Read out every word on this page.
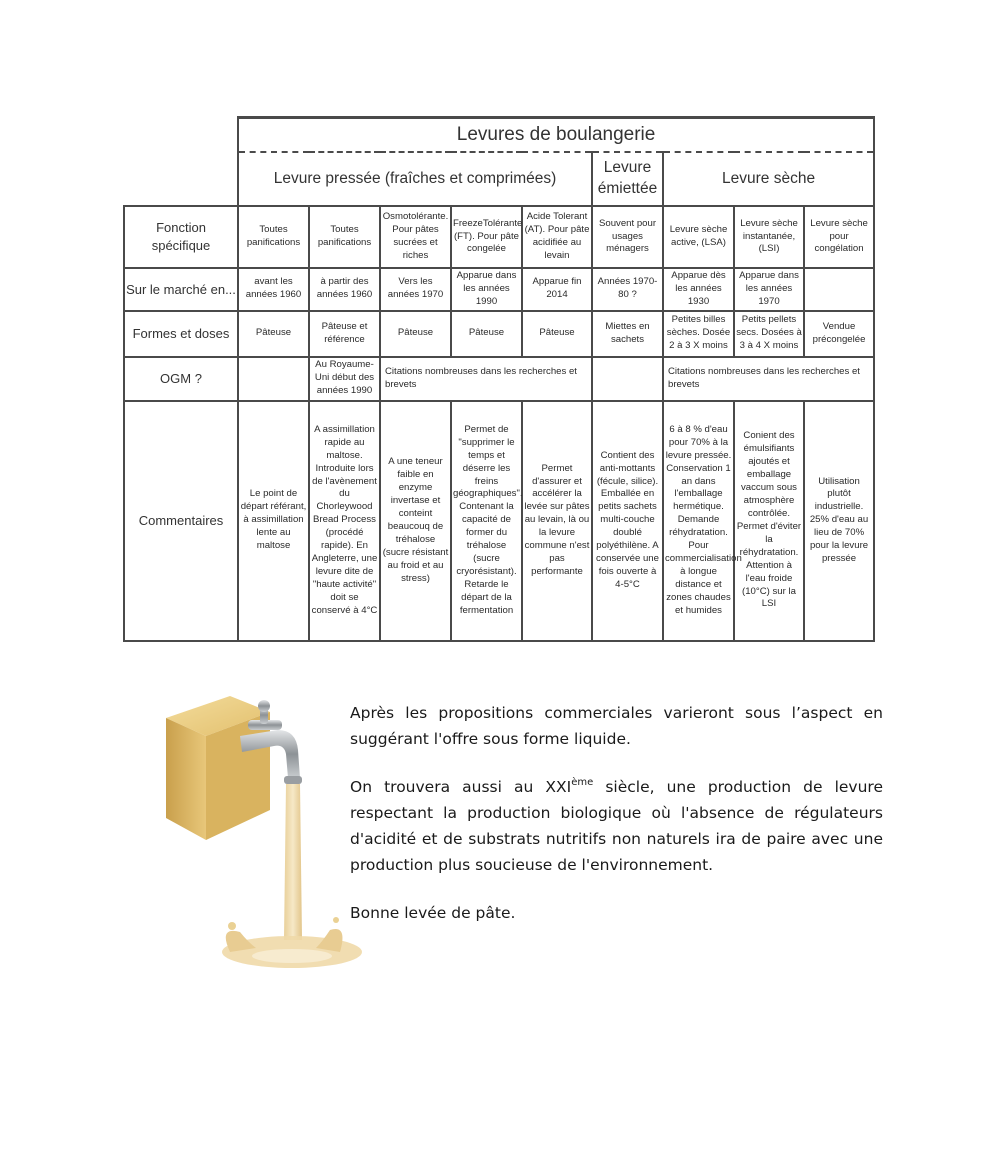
	Levures de boulangerie								
	Levure pressée (fraîches et comprimées)					Levure émiettée	Levure sèche		
Fonction spécifique	Toutes panifications	Toutes panifications	Osmotolérante. Pour pâtes sucrées et riches	FreezeTolérante (FT). Pour pâte congelée	Acide Tolerant (AT). Pour pâte acidifiée au levain	Souvent pour usages ménagers	Levure sèche active, (LSA)	Levure sèche instantanée, (LSI)	Levure sèche pour congélation
Sur le marché en...	avant les années 1960	à partir des années 1960	Vers les années 1970	Apparue dans les années 1990	Apparue fin 2014	Années 1970- 80 ?	Apparue dès les années 1930	Apparue dans les années 1970	
Formes et doses	Pâteuse	Pâteuse et référence	Pâteuse	Pâteuse	Pâteuse	Miettes en sachets	Petites billes sèches. Dosée 2 à 3 X moins	Petits pellets secs. Dosées à 3 à 4 X moins	Vendue précongelée
OGM ?		Au Royaume-Uni début des années 1990	Citations nombreuses dans les recherches et brevets				Citations nombreuses dans les recherches et brevets		
Commentaires	Le point de départ référant, à assimillation lente au maltose	A assimillation rapide au maltose. Introduite lors de l'avènement du Chorleywood Bread Process (procédé rapide). En Angleterre, une levure dite de "haute activité" doit se conservé à 4°C	A une teneur faible en enzyme invertase et conteint beaucouq de tréhalose (sucre résistant au froid et au stress)	Permet de "supprimer le temps et déserre les freins géographiques". Contenant la capacité de former du tréhalose (sucre cryorésistant). Retarde le départ de la fermentation	Permet d'assurer et accélérer la levée sur pâtes au levain, là ou la levure commune n'est pas performante	Contient des anti-mottants (fécule, silice). Emballée en petits sachets multi-couche doublé polyéthilène. A conservée une fois ouverte à 4-5°C	6 à 8 % d'eau pour 70% à la levure pressée. Conservation 1 an dans l'emballage hermétique. Demande réhydratation. Pour commercialisation à longue distance et zones chaudes et humides	Conient des émulsifiants ajoutés et emballage vaccum sous atmosphère contrôlée. Permet d'éviter la réhydratation. Attention à l'eau froide (10°C) sur la LSI	Utilisation plutôt industrielle. 25% d'eau au lieu de 70% pour la levure pressée

Après les propositions commerciales varieront sous l’aspect en suggérant l'offre sous forme liquide.

On trouvera aussi au XXIème siècle, une production de levure respectant la production biologique où l'absence de régulateurs d'acidité et de substrats nutritifs non naturels ira de paire avec une production plus soucieuse de l'environnement.

Bonne levée de pâte.
